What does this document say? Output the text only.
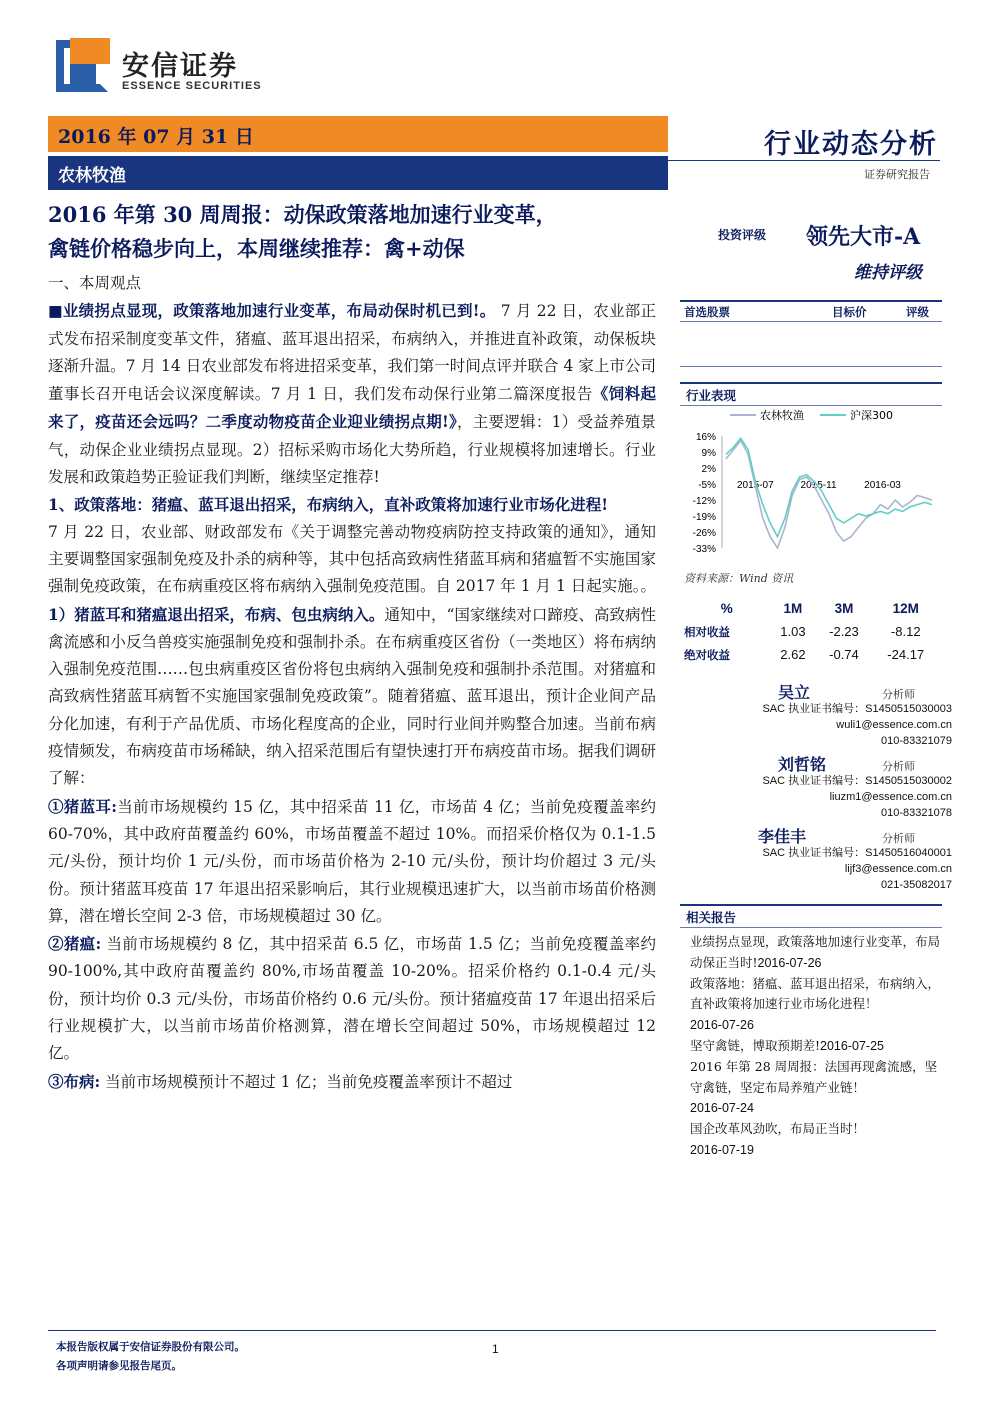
安信证券
ESSENCE SECURITIES
2016 年 07 月 31 日
农林牧渔
行业动态分析
证券研究报告
2016 年第 30 周周报：动保政策落地加速行业变革，
禽链价格稳步向上，本周继续推荐：禽+动保
投资评级 领先大市-A
维持评级

一、本周观点

■业绩拐点显现，政策落地加速行业变革，布局动保时机已到!。 7 月 22 日，农业部正式发布招采制度变革文件，猪瘟、蓝耳退出招采，布病纳入，并推进直补政策，动保板块逐渐升温。7 月 14 日农业部发布将进招采变革，我们第一时间点评并联合 4 家上市公司董事长召开电话会议深度解读。7 月 1 日，我们发布动保行业第二篇深度报告《饲料起来了，疫苗还会远吗？二季度动物疫苗企业迎业绩拐点期!》，主要逻辑：1）受益养殖景气，动保企业业绩拐点显现。2）招标采购市场化大势所趋，行业规模将加速增长。行业发展和政策趋势正验证我们判断，继续坚定推荐!

1、政策落地：猪瘟、蓝耳退出招采，布病纳入，直补政策将加速行业市场化进程!

7 月 22 日，农业部、财政部发布《关于调整完善动物疫病防控支持政策的通知》，通知主要调整国家强制免疫及扑杀的病种等，其中包括高致病性猪蓝耳病和猪瘟暂不实施国家强制免疫政策，在布病重疫区将布病纳入强制免疫范围。自 2017 年 1 月 1 日起实施。。

1）猪蓝耳和猪瘟退出招采，布病、包虫病纳入。通知中，“国家继续对口蹄疫、高致病性禽流感和小反刍兽疫实施强制免疫和强制扑杀。在布病重疫区省份（一类地区）将布病纳入强制免疫范围……包虫病重疫区省份将包虫病纳入强制免疫和强制扑杀范围。对猪瘟和高致病性猪蓝耳病暂不实施国家强制免疫政策”。随着猪瘟、蓝耳退出，预计企业间产品分化加速，有利于产品优质、市场化程度高的企业，同时行业间并购整合加速。当前布病疫情频发，布病疫苗市场稀缺，纳入招采范围后有望快速打开布病疫苗市场。据我们调研了解：

①猪蓝耳:当前市场规模约 15 亿，其中招采苗 11 亿，市场苗 4 亿；当前免疫覆盖率约 60-70%，其中政府苗覆盖约 60%，市场苗覆盖不超过 10%。而招采价格仅为 0.1-1.5 元/头份，预计均价 1 元/头份，而市场苗价格为 2-10 元/头份，预计均价超过 3 元/头份。预计猪蓝耳疫苗 17 年退出招采影响后，其行业规模迅速扩大，以当前市场苗价格测算，潜在增长空间 2-3 倍，市场规模超过 30 亿。

②猪瘟: 当前市场规模约 8 亿，其中招采苗 6.5 亿，市场苗 1.5 亿；当前免疫覆盖率约 90-100%,其中政府苗覆盖约 80%,市场苗覆盖 10-20%。招采价格约 0.1-0.4 元/头份，预计均价 0.3 元/头份，市场苗价格约 0.6 元/头份。预计猪瘟疫苗 17 年退出招采后行业规模扩大，以当前市场苗价格测算，潜在增长空间超过 50%，市场规模超过 12 亿。

③布病: 当前市场规模预计不超过 1 亿；当前免疫覆盖率预计不超过

首选股票	目标价	评级
行业表现
农林牧渔	沪深300
16%
9%
2%
-5%
-12%
-19%
-26%
-33%
2015-07	2015-11	2016-03
资料来源：Wind 资讯
%	1M	3M	12M
相对收益	1.03	-2.23	-8.12
绝对收益	2.62	-0.74	-24.17
吴立	分析师
SAC 执业证书编号：S1450515030003
wuli1@essence.com.cn
010-83321079
刘哲铭	分析师
SAC 执业证书编号：S1450515030002
liuzm1@essence.com.cn
010-83321078
李佳丰	分析师
SAC 执业证书编号：S1450516040001
lijf3@essence.com.cn
021-35082017
相关报告
业绩拐点显现，政策落地加速行业变革，布局动保正当时!2016-07-26
政策落地：猪瘟、蓝耳退出招采，布病纳入，直补政策将加速行业市场化进程！
2016-07-26
坚守禽链，博取预期差!2016-07-25
2016 年第 28 周周报：法国再现禽流感，坚守禽链，坚定布局养殖产业链！
2016-07-24
国企改革风劲吹，布局正当时！
2016-07-19
本报告版权属于安信证券股份有限公司。
各项声明请参见报告尾页。
1
